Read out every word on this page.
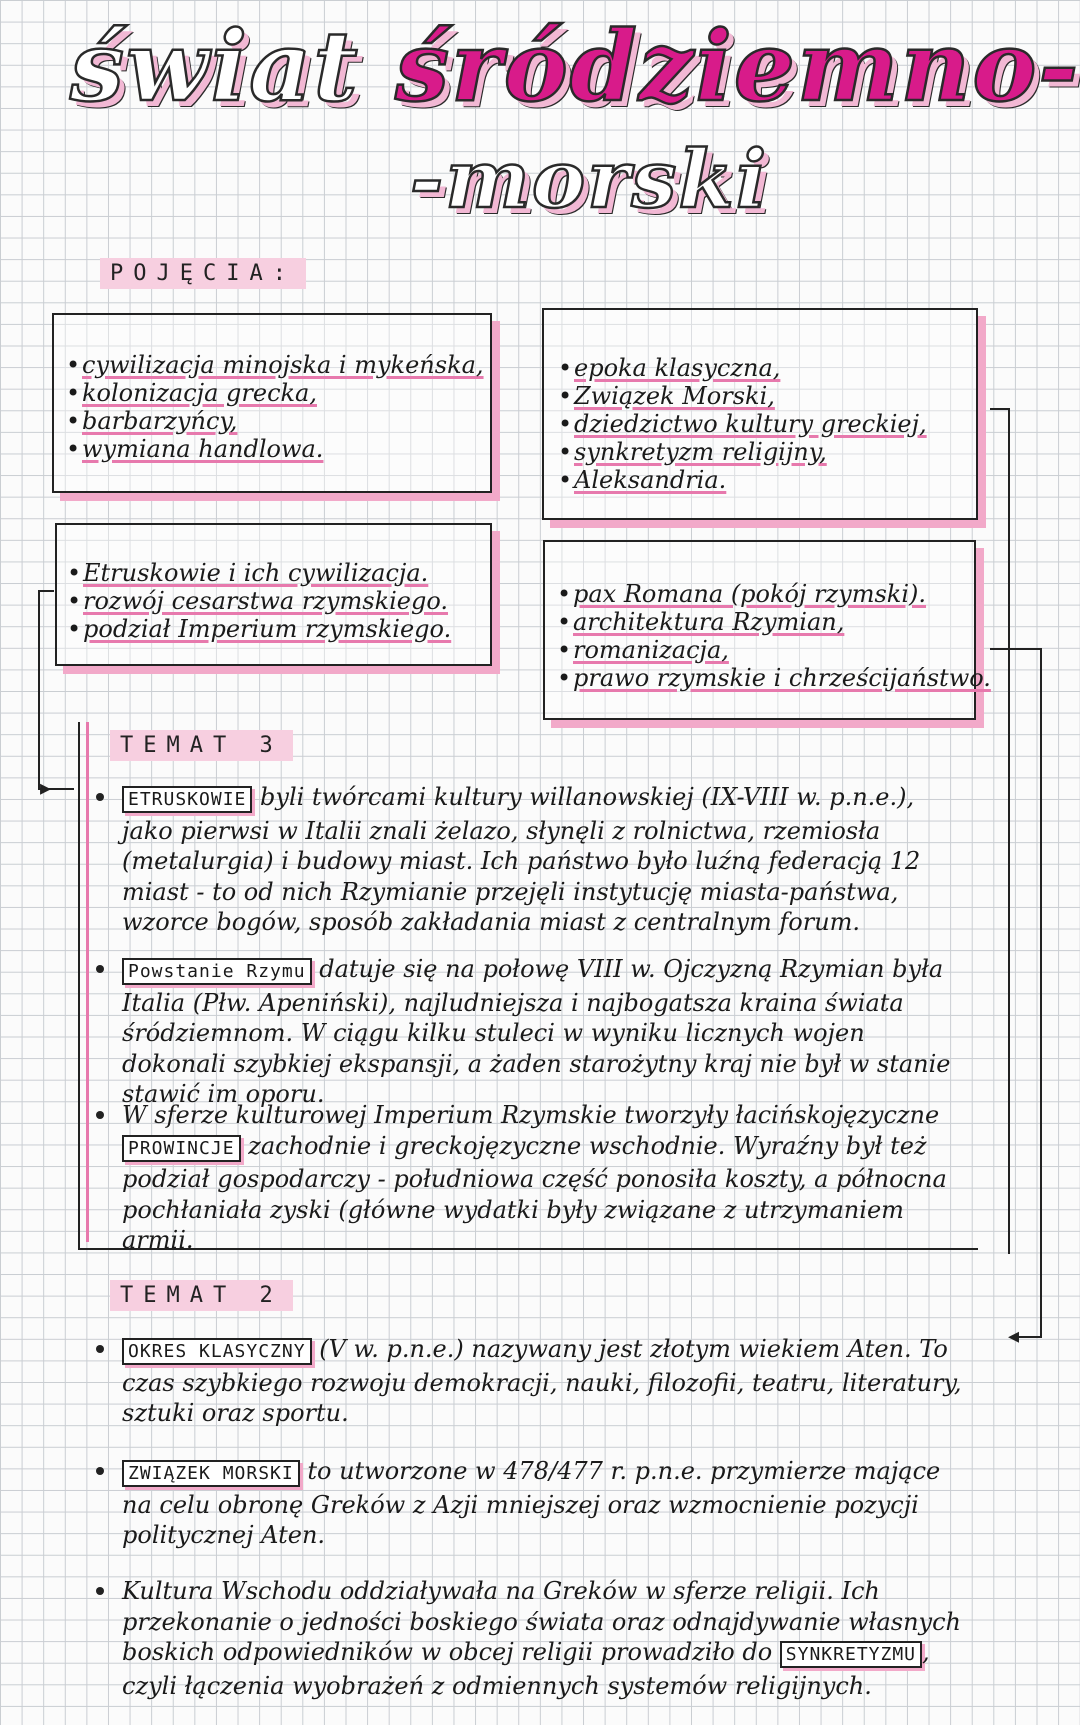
świat śródziemno-
-morski
POJĘCIA:
• cywilizacja minojska i mykeńska,
• kolonizacja grecka,
• barbarzyńcy,
• wymiana handlowa.
• epoka klasyczna,
• Związek Morski,
• dziedzictwo kultury greckiej,
• synkretyzm religijny,
• Aleksandria.
• Etruskowie i ich cywilizacja.
• rozwój cesarstwa rzymskiego.
• podział Imperium rzymskiego.
• pax Romana (pokój rzymski).
• architektura Rzymian,
• romanizacja,
• prawo rzymskie i chrześcijaństwo.
◂
TEMAT 3
ETRUSKOWIE byli twórcami kultury willanowskiej (IX-VIII w. p.n.e.), jako pierwsi w Italii znali żelazo, słynęli z rolnictwa, rzemiosła (metalurgia) i budowy miast. Ich państwo było luźną federacją 12 miast - to od nich Rzymianie przejęli instytucję miasta-państwa, wzorce bogów, sposób zakładania miast z centralnym forum.
Powstanie Rzymu datuje się na połowę VIII w. Ojczyzną Rzymian była Italia (Płw. Apeniński), najludniejsza i najbogatsza kraina świata śródziemnom. W ciągu kilku stuleci w wyniku licznych wojen dokonali szybkiej ekspansji, a żaden starożytny kraj nie był w stanie stawić im oporu.
W sferze kulturowej Imperium Rzymskie tworzyły łacińskojęzyczne PROWINCJE zachodnie i greckojęzyczne wschodnie. Wyraźny był też podział gospodarczy - południowa część ponosiła koszty, a północna pochłaniała zyski (główne wydatki były związane z utrzymaniem armii.
TEMAT 2
OKRES KLASYCZNY (V w. p.n.e.) nazywany jest złotym wiekiem Aten. To czas szybkiego rozwoju demokracji, nauki, filozofii, teatru, literatury, sztuki oraz sportu.
ZWIĄZEK MORSKI to utworzone w 478/477 r. p.n.e. przymierze mające na celu obronę Greków z Azji mniejszej oraz wzmocnienie pozycji politycznej Aten.
Kultura Wschodu oddziaływała na Greków w sferze religii. Ich przekonanie o jedności boskiego świata oraz odnajdywanie własnych boskich odpowiedników w obcej religii prowadziło do SYNKRETYZMU , czyli łączenia wyobrażeń z odmiennych systemów religijnych.
